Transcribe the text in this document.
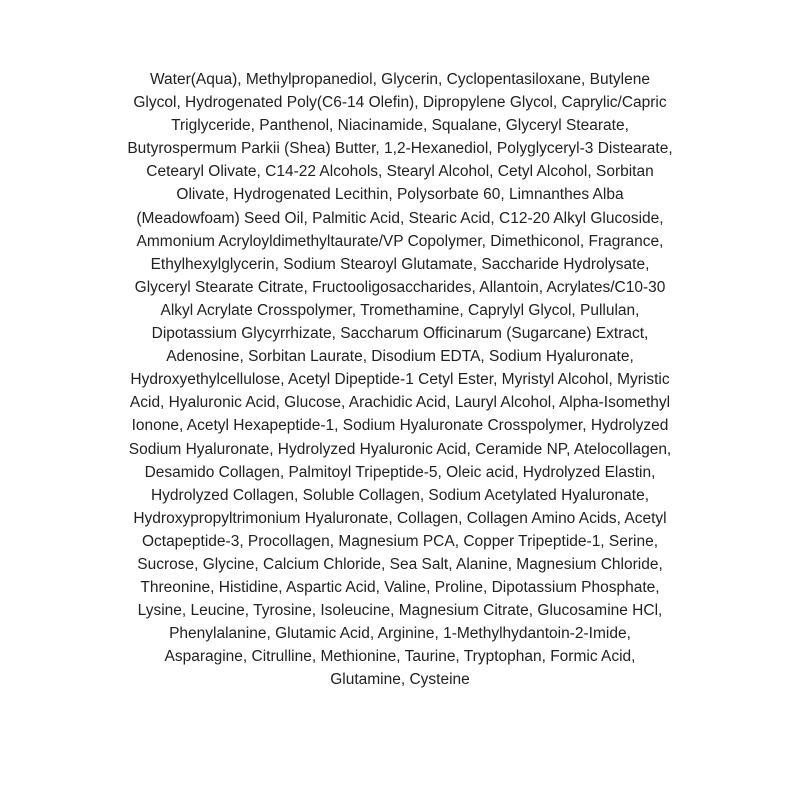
Water(Aqua), Methylpropanediol, Glycerin, Cyclopentasiloxane, Butylene
Glycol, Hydrogenated Poly(C6-14 Olefin), Dipropylene Glycol, Caprylic/Capric
Triglyceride, Panthenol, Niacinamide, Squalane, Glyceryl Stearate,
Butyrospermum Parkii (Shea) Butter, 1,2-Hexanediol, Polyglyceryl-3 Distearate,
Cetearyl Olivate, C14-22 Alcohols, Stearyl Alcohol, Cetyl Alcohol, Sorbitan
Olivate, Hydrogenated Lecithin, Polysorbate 60, Limnanthes Alba
(Meadowfoam) Seed Oil, Palmitic Acid, Stearic Acid, C12-20 Alkyl Glucoside,
Ammonium Acryloyldimethyltaurate/VP Copolymer, Dimethiconol, Fragrance,
Ethylhexylglycerin, Sodium Stearoyl Glutamate, Saccharide Hydrolysate,
Glyceryl Stearate Citrate, Fructooligosaccharides, Allantoin, Acrylates/C10-30
Alkyl Acrylate Crosspolymer, Tromethamine, Caprylyl Glycol, Pullulan,
Dipotassium Glycyrrhizate, Saccharum Officinarum (Sugarcane) Extract,
Adenosine, Sorbitan Laurate, Disodium EDTA, Sodium Hyaluronate,
Hydroxyethylcellulose, Acetyl Dipeptide-1 Cetyl Ester, Myristyl Alcohol, Myristic
Acid, Hyaluronic Acid, Glucose, Arachidic Acid, Lauryl Alcohol, Alpha-Isomethyl
Ionone, Acetyl Hexapeptide-1, Sodium Hyaluronate Crosspolymer, Hydrolyzed
Sodium Hyaluronate, Hydrolyzed Hyaluronic Acid, Ceramide NP, Atelocollagen,
Desamido Collagen, Palmitoyl Tripeptide-5, Oleic acid, Hydrolyzed Elastin,
Hydrolyzed Collagen, Soluble Collagen, Sodium Acetylated Hyaluronate,
Hydroxypropyltrimonium Hyaluronate, Collagen, Collagen Amino Acids, Acetyl
Octapeptide-3, Procollagen, Magnesium PCA, Copper Tripeptide-1, Serine,
Sucrose, Glycine, Calcium Chloride, Sea Salt, Alanine, Magnesium Chloride,
Threonine, Histidine, Aspartic Acid, Valine, Proline, Dipotassium Phosphate,
Lysine, Leucine, Tyrosine, Isoleucine, Magnesium Citrate, Glucosamine HCl,
Phenylalanine, Glutamic Acid, Arginine, 1-Methylhydantoin-2-Imide,
Asparagine, Citrulline, Methionine, Taurine, Tryptophan, Formic Acid,
Glutamine, Cysteine
